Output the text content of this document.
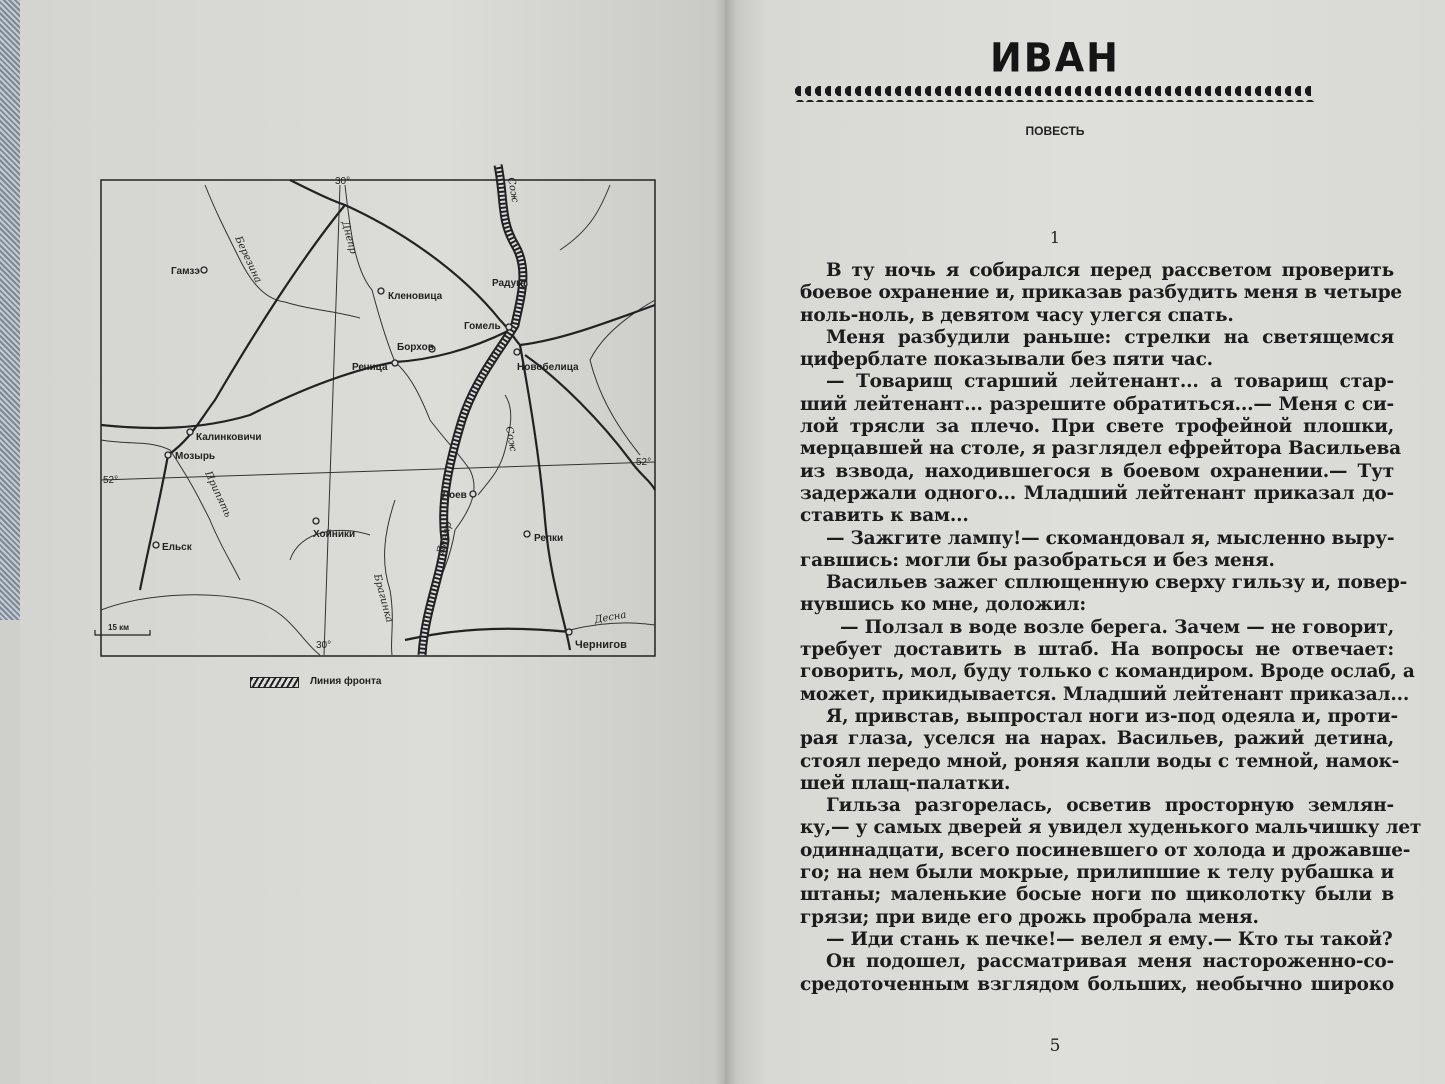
Гамзэ
Кленовица
Радуга
Гомель
Борхов
Речица	Новобелица
Калинковичи
Мозырь
Лоев
Хойники	Репки
Ельск
Чернигов
Днепр
Днепр
Сож
Сож
Березина
Припять
Брагинка	Десна
30°
30°
52°
52°
15 км
Линия фронта
ИВАН
ПОВЕСТЬ
1
В ту ночь я собирался перед рассветом проверить
боевое охранение и, приказав разбудить меня в четыре
ноль-ноль, в девятом часу улегся спать.
Меня разбудили раньше: стрелки на светящемся
циферблате показывали без пяти час.
— Товарищ старший лейтенант... а товарищ стар-
ший лейтенант... разрешите обратиться...— Меня с си-
лой трясли за плечо. При свете трофейной плошки,
мерцавшей на столе, я разглядел ефрейтора Васильева
из взвода, находившегося в боевом охранении.— Тут
задержали одного... Младший лейтенант приказал до-
ставить к вам...
— Зажгите лампу!— скомандовал я, мысленно выру-
гавшись: могли бы разобраться и без меня.
Васильев зажег сплющенную сверху гильзу и, повер-
нувшись ко мне, доложил:
— Ползал в воде возле берега. Зачем — не говорит,
требует доставить в штаб. На вопросы не отвечает:
говорить, мол, буду только с командиром. Вроде ослаб, а
может, прикидывается. Младший лейтенант приказал...
Я, привстав, выпростал ноги из-под одеяла и, проти-
рая глаза, уселся на нарах. Васильев, ражий детина,
стоял передо мной, роняя капли воды с темной, намок-
шей плащ-палатки.
Гильза разгорелась, осветив просторную землян-
ку,— у самых дверей я увидел худенького мальчишку лет
одиннадцати, всего посиневшего от холода и дрожавше-
го; на нем были мокрые, прилипшие к телу рубашка и
штаны; маленькие босые ноги по щиколотку были в
грязи; при виде его дрожь пробрала меня.
— Иди стань к печке!— велел я ему.— Кто ты такой?
Он подошел, рассматривая меня настороженно-со-
средоточенным взглядом больших, необычно широко
5
